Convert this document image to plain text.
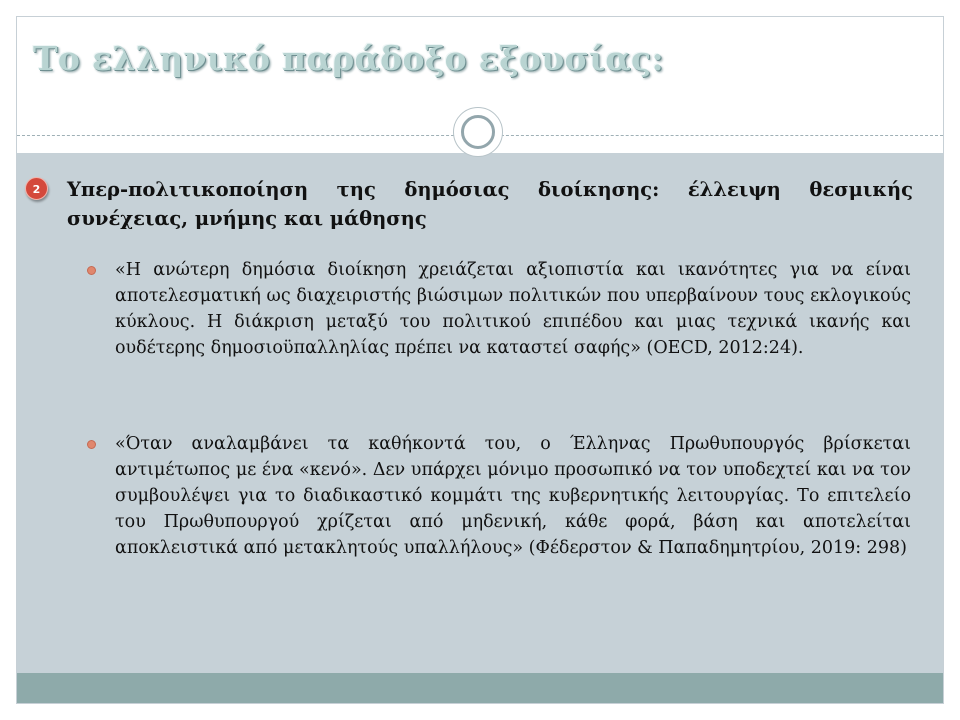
Το ελληνικό παράδοξο εξουσίας:
2	Υπερ-πολιτικοποίηση της δημόσιας διοίκησης: έλλειψη θεσμικής συνέχειας, μνήμης και μάθησης

«Η ανώτερη δημόσια διοίκηση χρειάζεται αξιοπιστία και ικανότητες για να είναι αποτελεσματική ως διαχειριστής βιώσιμων πολιτικών που υπερβαίνουν τους εκλογικούς κύκλους. Η διάκριση μεταξύ του πολιτικού επιπέδου και μιας τεχνικά ικανής και ουδέτερης δημοσιοϋπαλληλίας πρέπει να καταστεί σαφής» (OECD, 2012:24).

«Όταν αναλαμβάνει τα καθήκοντά του, ο Έλληνας Πρωθυπουργός βρίσκεται αντιμέτωπος με ένα «κενό». Δεν υπάρχει μόνιμο προσωπικό να τον υποδεχτεί και να τον συμβουλέψει για το διαδικαστικό κομμάτι της κυβερνητικής λειτουργίας. Το επιτελείο του Πρωθυπουργού χρίζεται από μηδενική, κάθε φορά, βάση και αποτελείται αποκλειστικά από μετακλητούς υπαλλήλους» (Φέδερστον & Παπαδημητρίου, 2019: 298)
